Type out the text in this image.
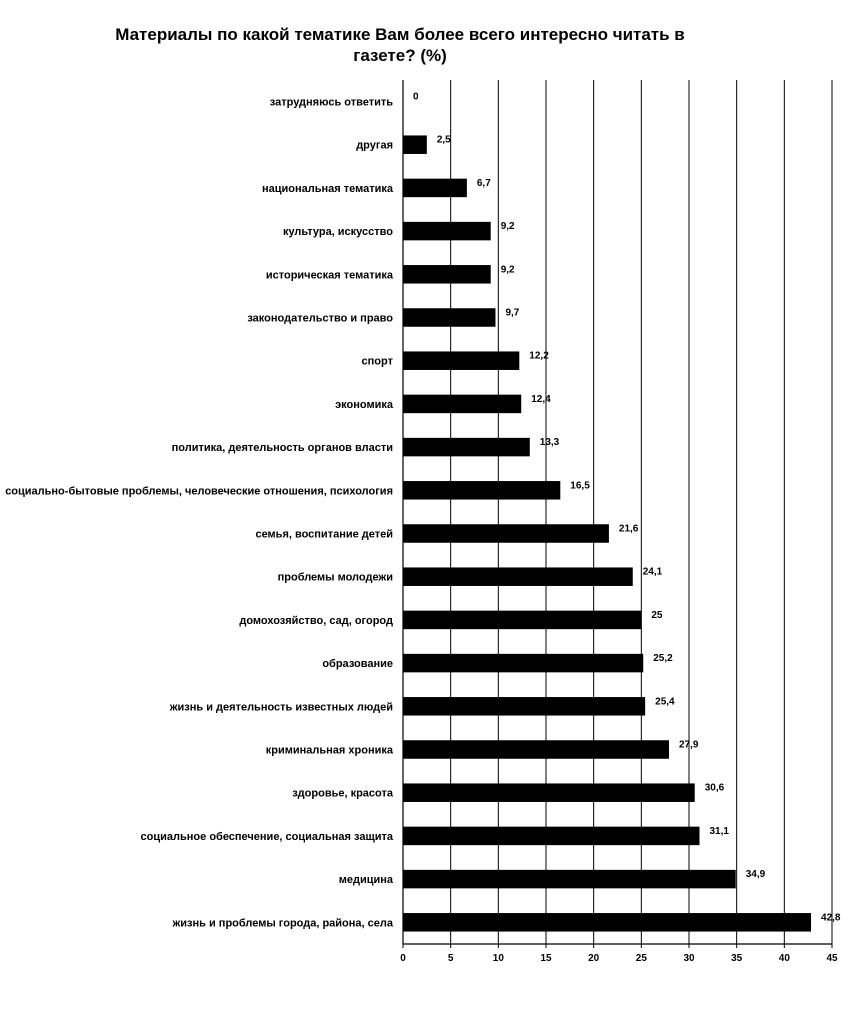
Материалы по какой тематике Вам более всего интересно читать в газете? (%)
0	5	10	15	20	25	30	35	40	45
затрудняюсь ответить 0
другая	2,5
национальная тематика	6,7
культура, искусство	9,2
историческая тематика	9,2
законодательство и право	9,7
спорт	12,2
экономика	12,4
политика, деятельность органов власти	13,3
социально-бытовые проблемы, человеческие отношения, психология	16,5
семья, воспитание детей	21,6
проблемы молодежи	24,1
домохозяйство, сад, огород	25
образование	25,2
жизнь и деятельность известных людей	25,4
криминальная хроника	27,9
здоровье, красота	30,6
социальное обеспечение, социальная защита	31,1
медицина	34,9
жизнь и проблемы города, района, села	42,8
